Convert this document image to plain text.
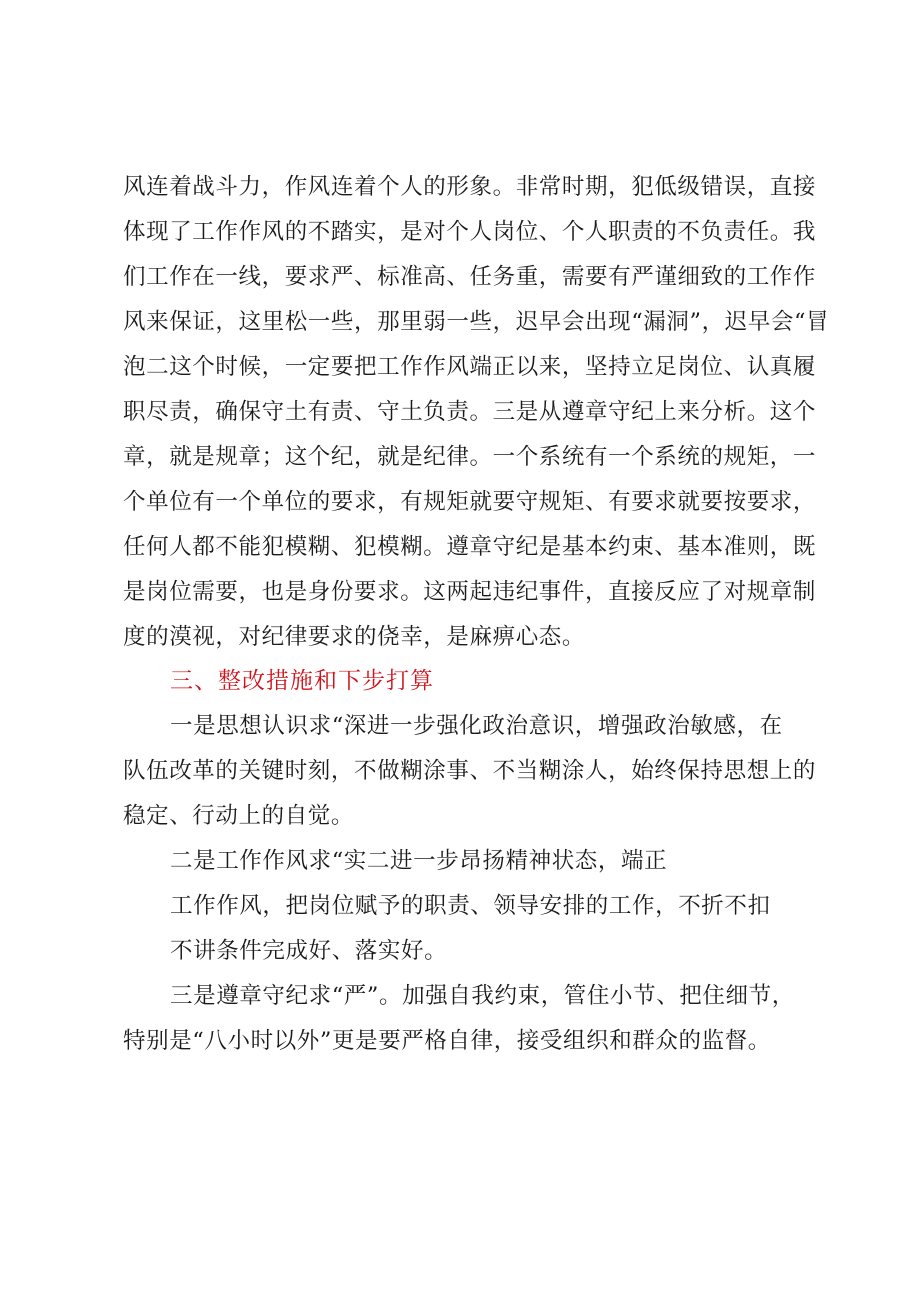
风连着战斗力，作风连着个人的形象。非常时期，犯低级错误，直接
体现了工作作风的不踏实，是对个人岗位、个人职责的不负责任。我
们工作在一线，要求严、标准高、任务重，需要有严谨细致的工作作
风来保证，这里松一些，那里弱一些，迟早会出现“漏洞”，迟早会“冒
泡二这个时候，一定要把工作作风端正以来，坚持立足岗位、认真履
职尽责，确保守土有责、守土负责。三是从遵章守纪上来分析。这个
章，就是规章；这个纪，就是纪律。一个系统有一个系统的规矩，一
个单位有一个单位的要求，有规矩就要守规矩、有要求就要按要求，
任何人都不能犯模糊、犯模糊。遵章守纪是基本约束、基本准则，既
是岗位需要，也是身份要求。这两起违纪事件，直接反应了对规章制
度的漠视，对纪律要求的侥幸，是麻痹心态。
三、整改措施和下步打算
一是思想认识求“深进一步强化政治意识，增强政治敏感，在
队伍改革的关键时刻，不做糊涂事、不当糊涂人，始终保持思想上的
稳定、行动上的自觉。
二是工作作风求“实二进一步昂扬精神状态，端正
工作作风，把岗位赋予的职责、领导安排的工作，不折不扣
不讲条件完成好、落实好。
三是遵章守纪求“严”。加强自我约束，管住小节、把住细节，
特别是“八小时以外”更是要严格自律，接受组织和群众的监督。
